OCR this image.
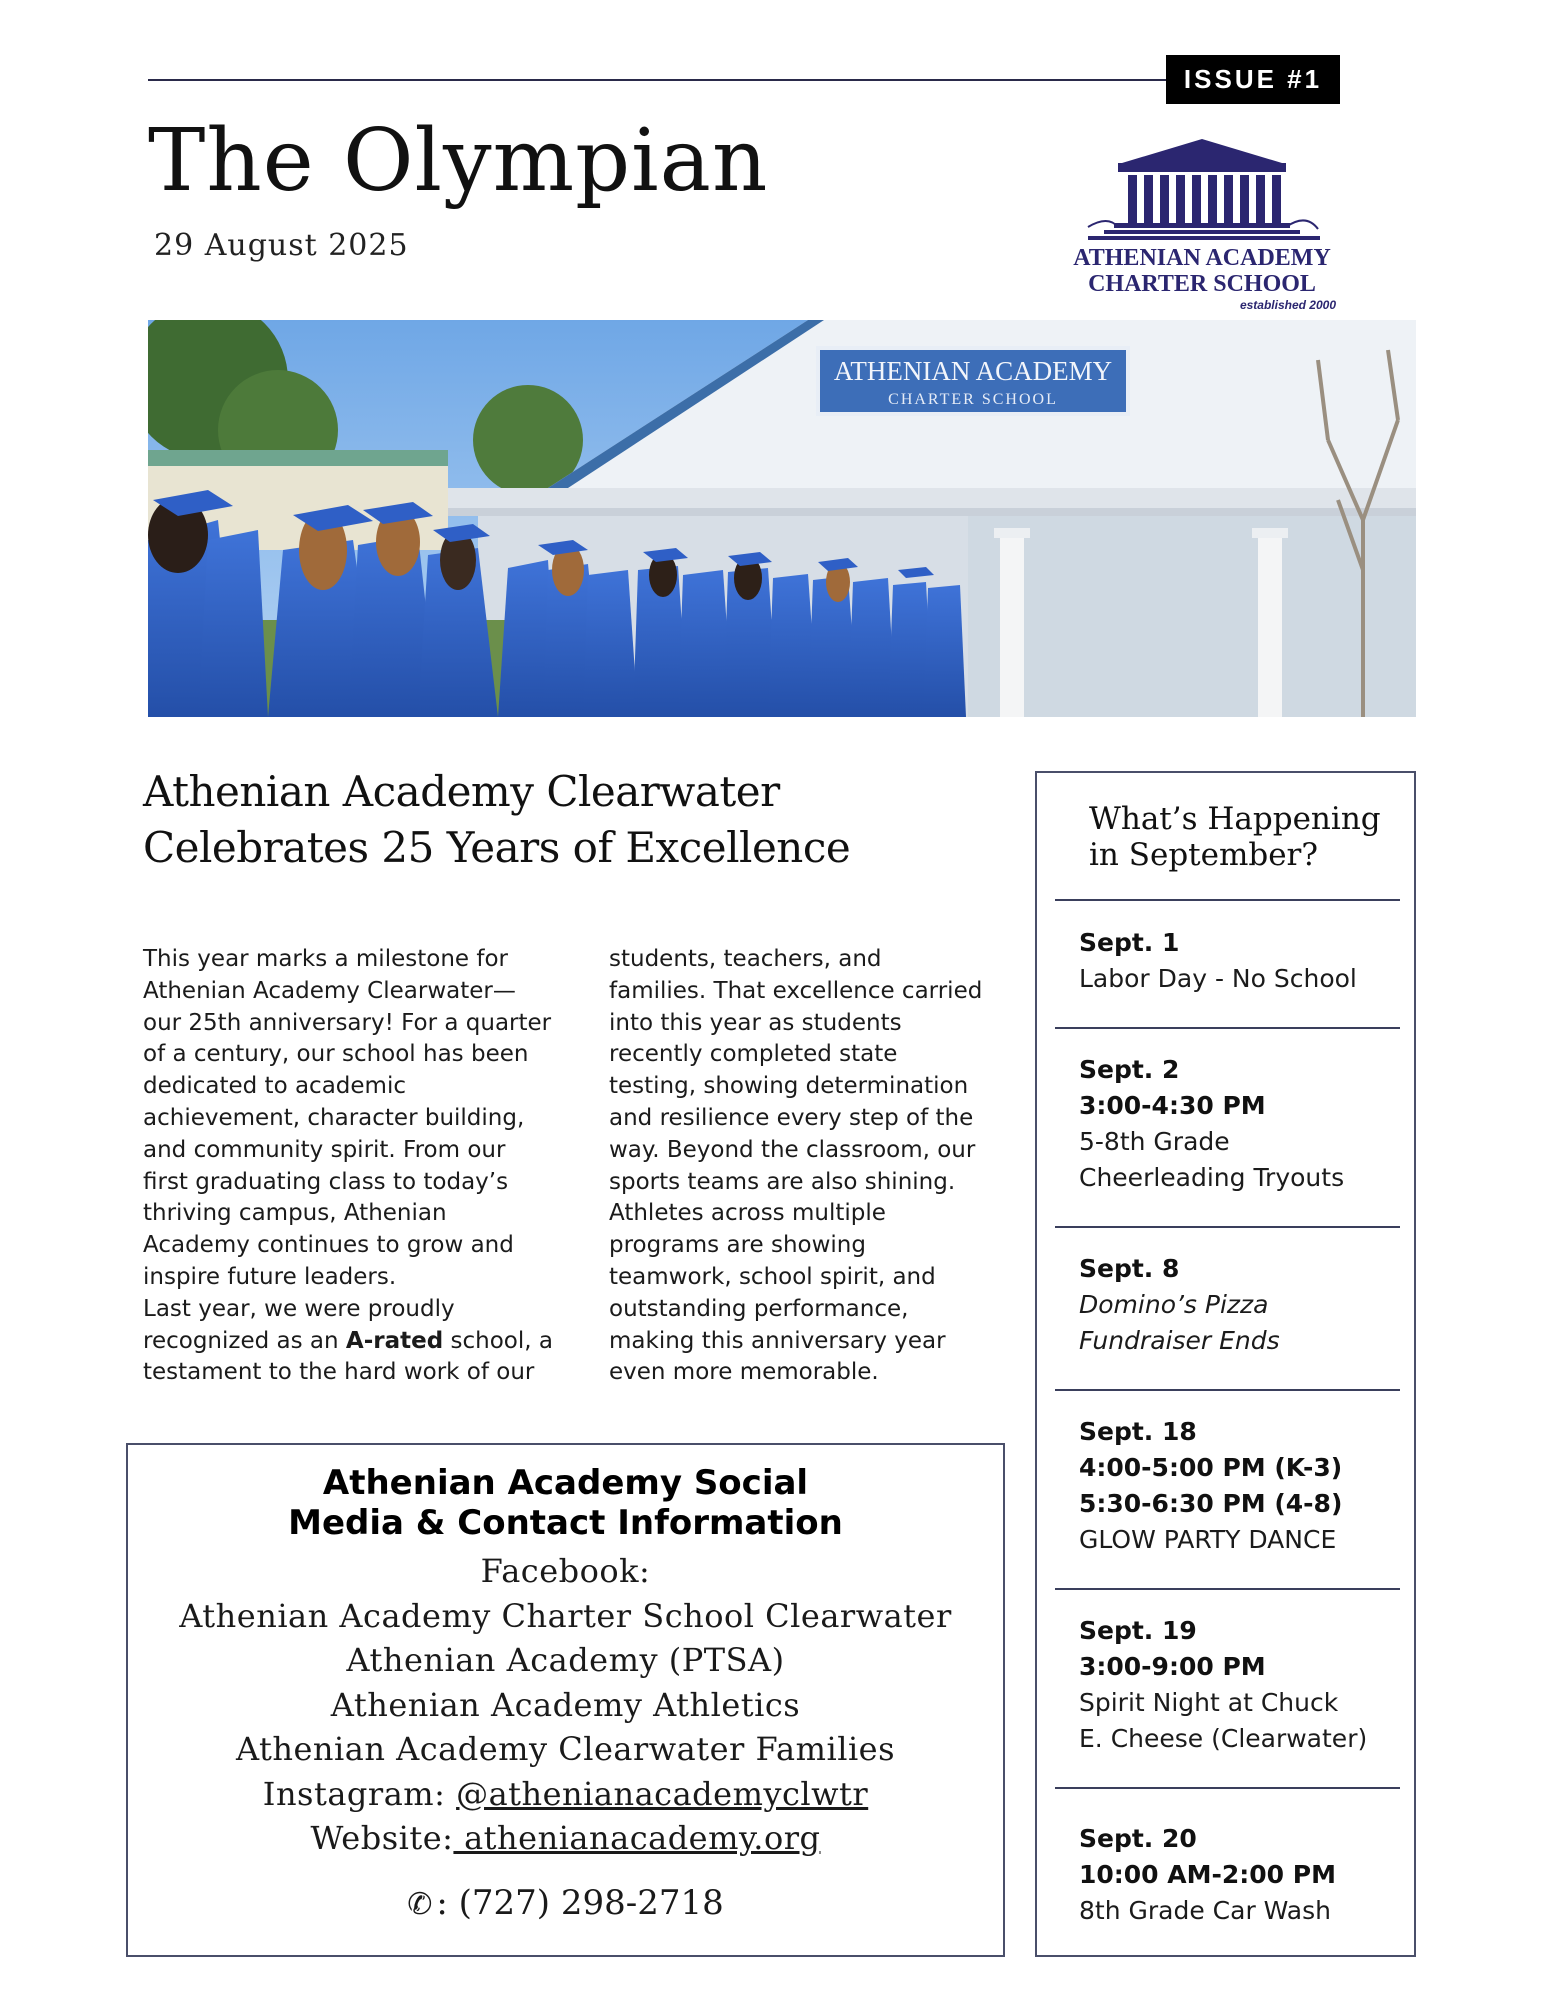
ISSUE #1
The Olympian
29 August 2025	ATHENIAN ACADEMY
CHARTER SCHOOL
established 2000
ATHENIAN ACADEMY
CHARTER SCHOOL
Athenian Academy Clearwater
Celebrates 25 Years of Excellence

This year marks a milestone for

Athenian Academy Clearwater—

our 25th anniversary! For a quarter

of a century, our school has been

dedicated to academic

achievement, character building,

and community spirit. From our

first graduating class to today’s

thriving campus, Athenian

Academy continues to grow and

inspire future leaders.

Last year, we were proudly

recognized as an A-rated school, a

testament to the hard work of our

students, teachers, and

families. That excellence carried

into this year as students

recently completed state

testing, showing determination

and resilience every step of the

way. Beyond the classroom, our

sports teams are also shining.

Athletes across multiple

programs are showing

teamwork, school spirit, and

outstanding performance,

making this anniversary year

even more memorable.

Athenian Academy Social
Media & Contact Information
Facebook:
Athenian Academy Charter School Clearwater
Athenian Academy (PTSA)
Athenian Academy Athletics
Athenian Academy Clearwater Families
Instagram: @athenianacademyclwtr
Website: athenianacademy.org
✆ : (727) 298-2718
What’s Happening
in September?
Sept. 1
Labor Day - No School
Sept. 2
3:00-4:30 PM
5-8th Grade
Cheerleading Tryouts
Sept. 8
Domino’s Pizza
Fundraiser Ends
Sept. 18
4:00-5:00 PM (K-3)
5:30-6:30 PM (4-8)
GLOW PARTY DANCE
Sept. 19
3:00-9:00 PM
Spirit Night at Chuck
E. Cheese (Clearwater)
Sept. 20
10:00 AM-2:00 PM
8th Grade Car Wash
